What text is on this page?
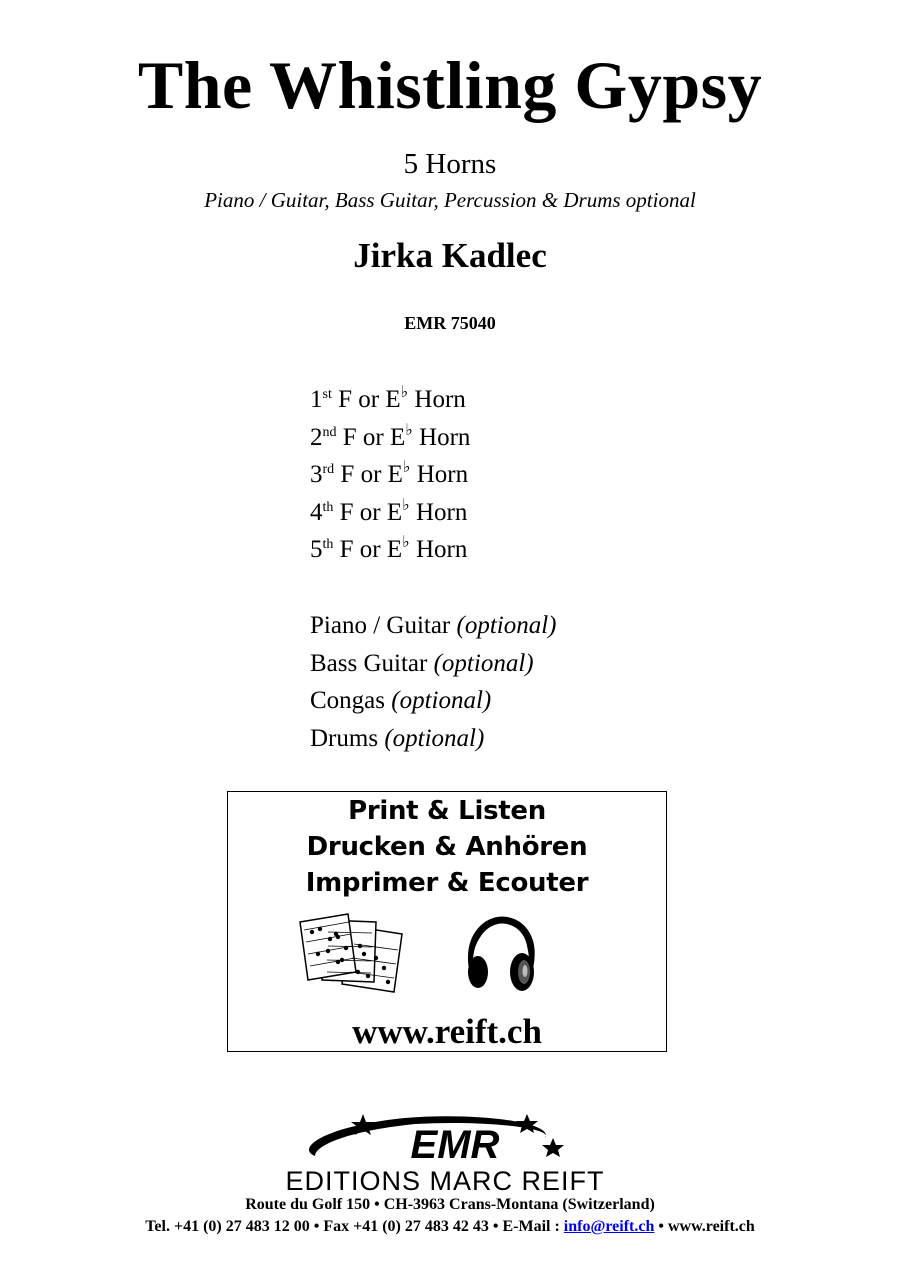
The Whistling Gypsy
5 Horns
Piano / Guitar, Bass Guitar, Percussion & Drums optional
Jirka Kadlec
EMR 75040
1st F or E♭ Horn
2nd F or E♭ Horn
3rd F or E♭ Horn
4th F or E♭ Horn
5th F or E♭ Horn
Piano / Guitar (optional)
Bass Guitar (optional)
Congas (optional)
Drums (optional)
Print & Listen
Drucken & Anhören
Imprimer & Ecouter
www.reift.ch
EMR
EDITIONS MARC REIFT
Route du Golf 150 • CH-3963 Crans-Montana (Switzerland)
Tel. +41 (0) 27 483 12 00 • Fax +41 (0) 27 483 42 43 • E-Mail : info@reift.ch • www.reift.ch
